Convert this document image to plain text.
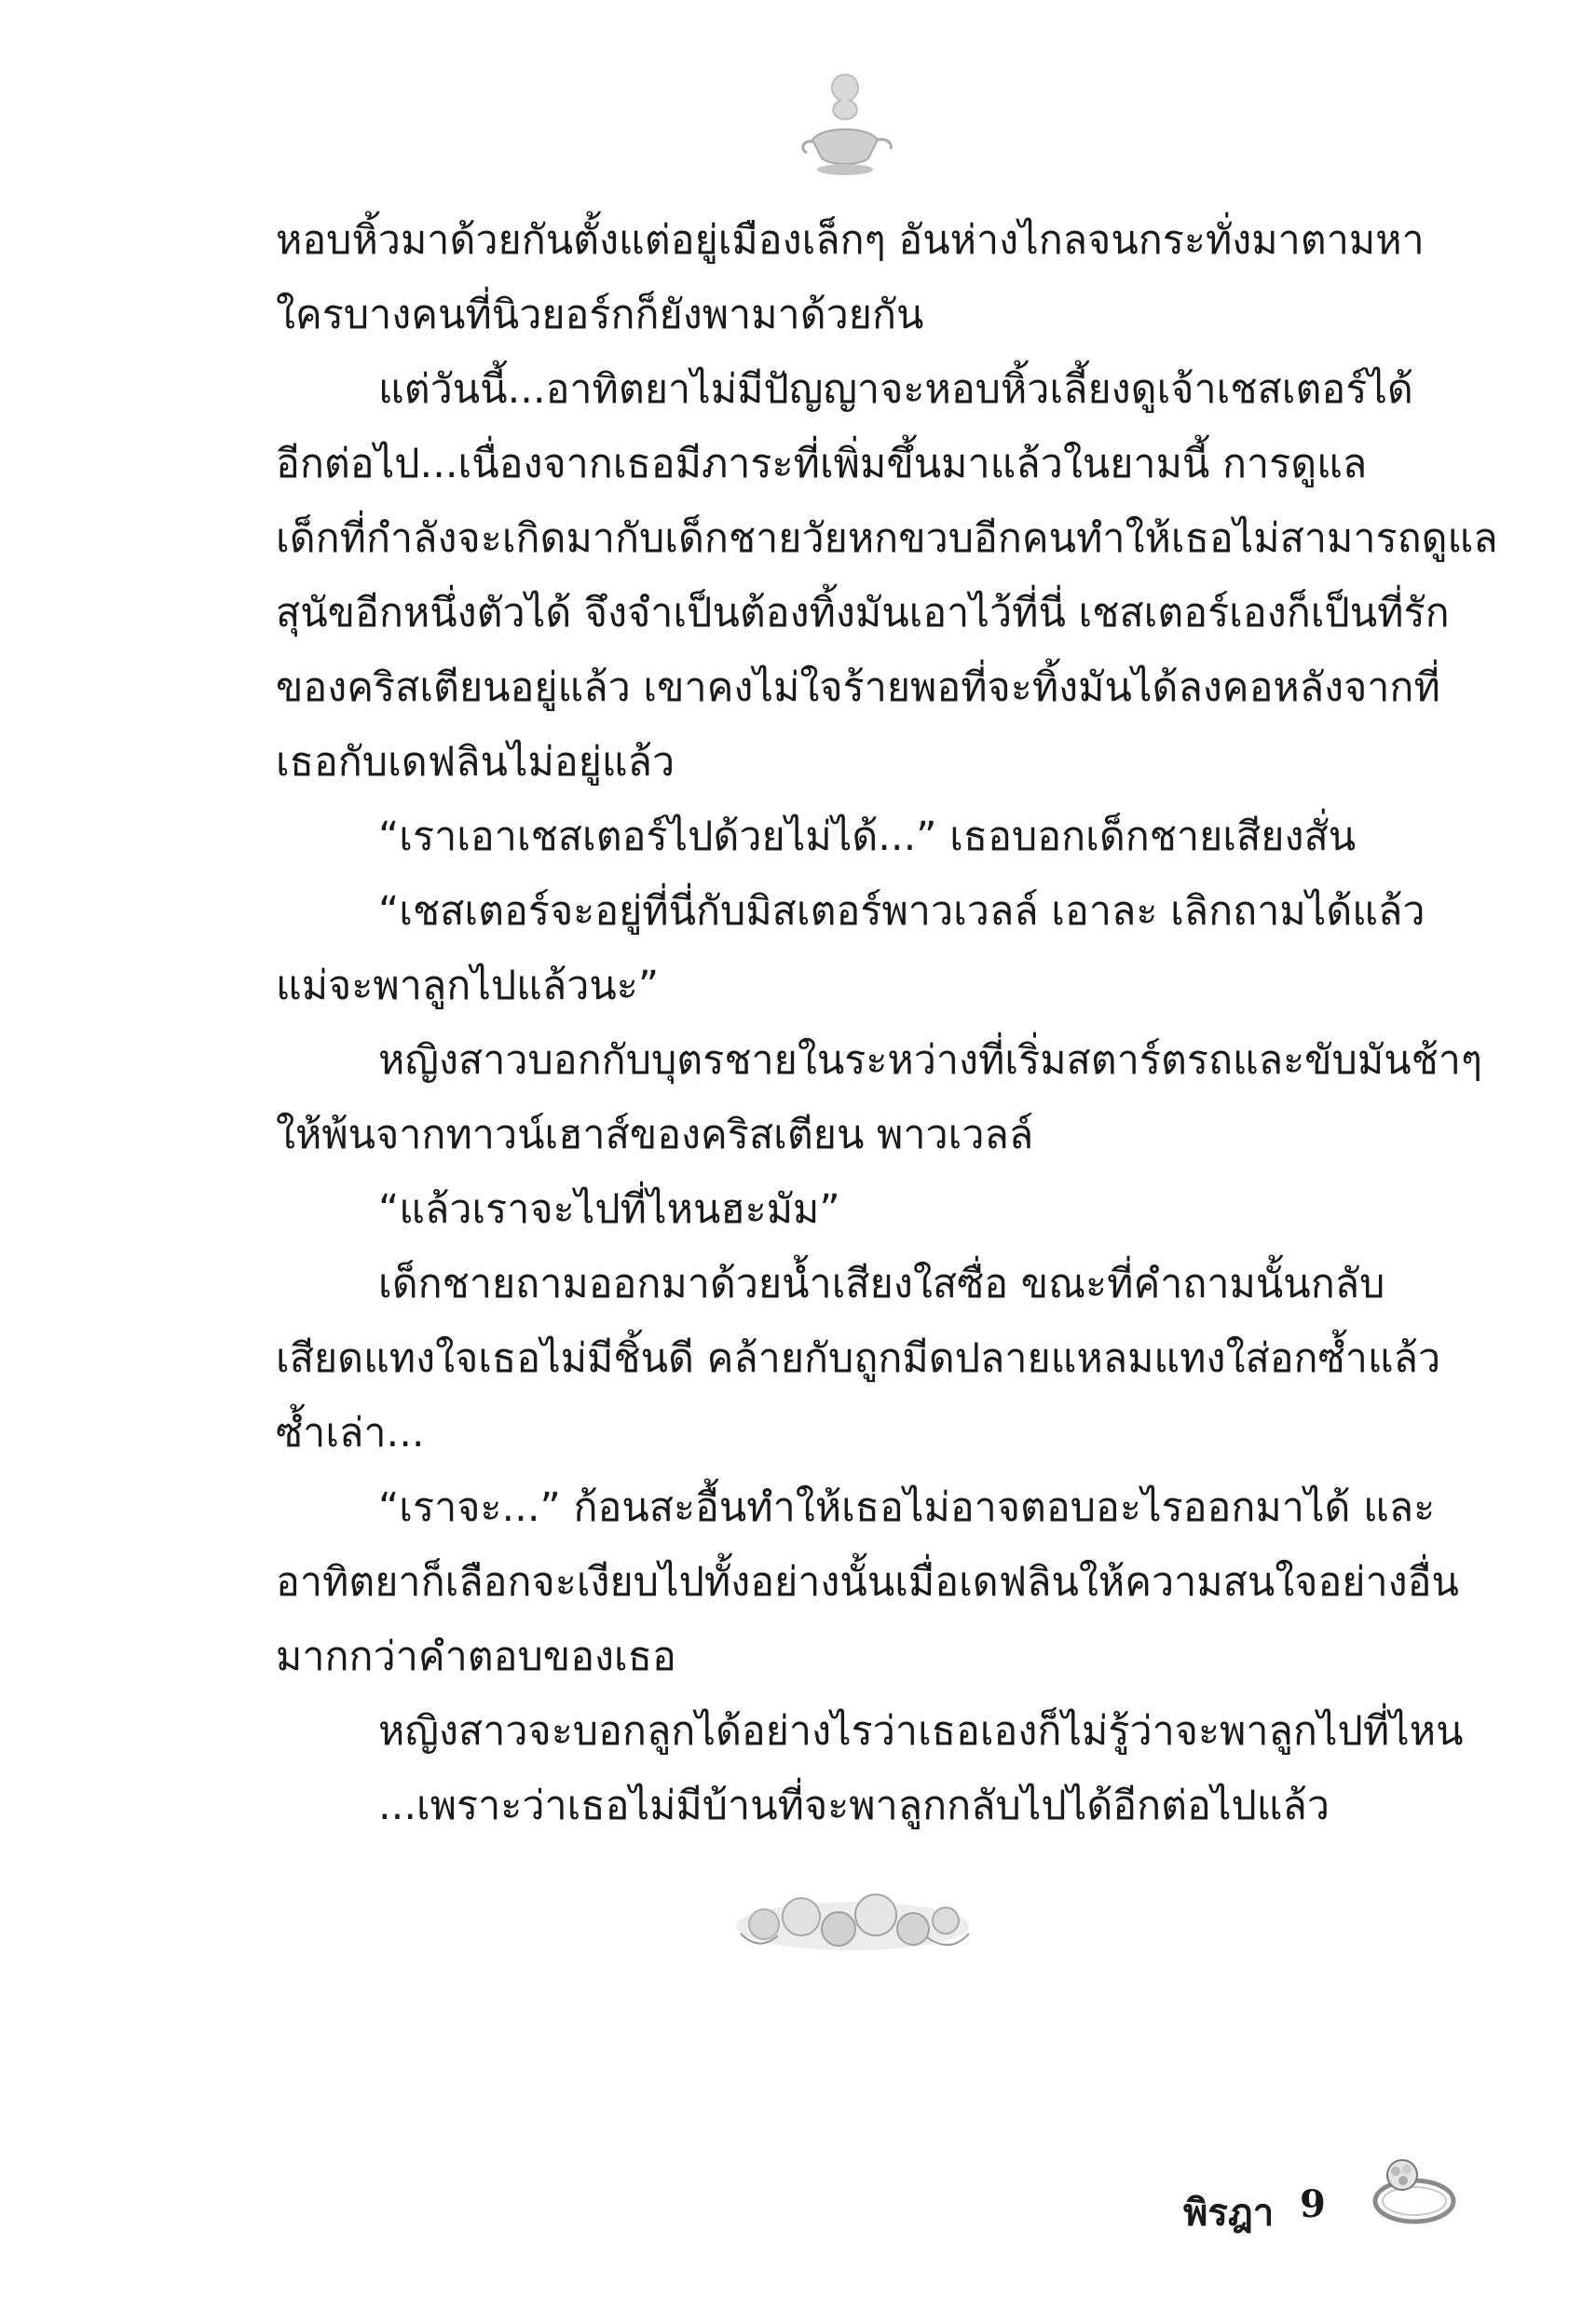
หอบหิ้วมาด้วยกันตั้งแต่อยู่เมืองเล็กๆ อันห่างไกลจนกระทั่งมาตามหา

ใครบางคนที่นิวยอร์กก็ยังพามาด้วยกัน

แต่วันนี้...อาทิตยาไม่มีปัญญาจะหอบหิ้วเลี้ยงดูเจ้าเชสเตอร์ได้

อีกต่อไป...เนื่องจากเธอมีภาระที่เพิ่มขึ้นมาแล้วในยามนี้ การดูแล

เด็กที่กำลังจะเกิดมากับเด็กชายวัยหกขวบอีกคนทำให้เธอไม่สามารถดูแล

สุนัขอีกหนึ่งตัวได้ จึงจำเป็นต้องทิ้งมันเอาไว้ที่นี่ เชสเตอร์เองก็เป็นที่รัก

ของคริสเตียนอยู่แล้ว เขาคงไม่ใจร้ายพอที่จะทิ้งมันได้ลงคอหลังจากที่

เธอกับเดฟลินไม่อยู่แล้ว

“เราเอาเชสเตอร์ไปด้วยไม่ได้...” เธอบอกเด็กชายเสียงสั่น

“เชสเตอร์จะอยู่ที่นี่กับมิสเตอร์พาวเวลล์ เอาละ เลิกถามได้แล้ว

แม่จะพาลูกไปแล้วนะ”

หญิงสาวบอกกับบุตรชายในระหว่างที่เริ่มสตาร์ตรถและขับมันช้าๆ

ให้พ้นจากทาวน์เฮาส์ของคริสเตียน พาวเวลล์

“แล้วเราจะไปที่ไหนฮะมัม”

เด็กชายถามออกมาด้วยน้ำเสียงใสซื่อ ขณะที่คำถามนั้นกลับ

เสียดแทงใจเธอไม่มีชิ้นดี คล้ายกับถูกมีดปลายแหลมแทงใส่อกซ้ำแล้ว

ซ้ำเล่า...

“เราจะ...” ก้อนสะอื้นทำให้เธอไม่อาจตอบอะไรออกมาได้ และ

อาทิตยาก็เลือกจะเงียบไปทั้งอย่างนั้นเมื่อเดฟลินให้ความสนใจอย่างอื่น

มากกว่าคำตอบของเธอ

หญิงสาวจะบอกลูกได้อย่างไรว่าเธอเองก็ไม่รู้ว่าจะพาลูกไปที่ไหน

...เพราะว่าเธอไม่มีบ้านที่จะพาลูกกลับไปได้อีกต่อไปแล้ว

พิรฎา 9
